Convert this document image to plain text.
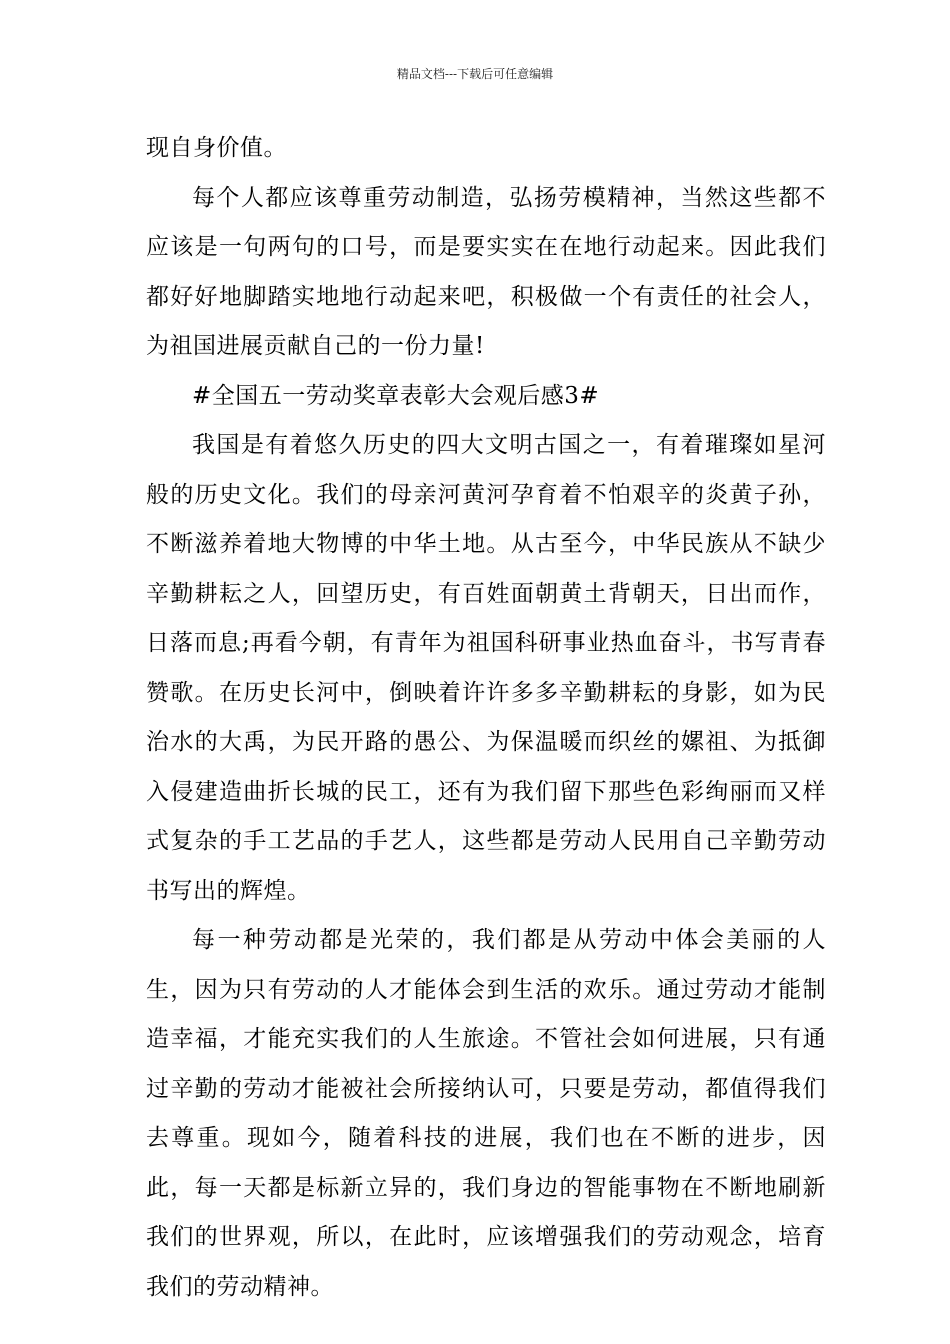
精品文档---下载后可任意编辑

现自身价值。

每个人都应该尊重劳动制造，弘扬劳模精神，当然这些都不应该是一句两句的口号，而是要实实在在地行动起来。因此我们都好好地脚踏实地地行动起来吧，积极做一个有责任的社会人，为祖国进展贡献自己的一份力量!

#全国五一劳动奖章表彰大会观后感3#

我国是有着悠久历史的四大文明古国之一，有着璀璨如星河般的历史文化。我们的母亲河黄河孕育着不怕艰辛的炎黄子孙，不断滋养着地大物博的中华土地。从古至今，中华民族从不缺少辛勤耕耘之人，回望历史，有百姓面朝黄土背朝天，日出而作，日落而息;再看今朝，有青年为祖国科研事业热血奋斗，书写青春赞歌。在历史长河中，倒映着许许多多辛勤耕耘的身影，如为民治水的大禹，为民开路的愚公、为保温暖而织丝的嫘祖、为抵御入侵建造曲折长城的民工，还有为我们留下那些色彩绚丽而又样式复杂的手工艺品的手艺人，这些都是劳动人民用自己辛勤劳动书写出的辉煌。

每一种劳动都是光荣的，我们都是从劳动中体会美丽的人生，因为只有劳动的人才能体会到生活的欢乐。通过劳动才能制造幸福，才能充实我们的人生旅途。不管社会如何进展，只有通过辛勤的劳动才能被社会所接纳认可，只要是劳动，都值得我们去尊重。现如今，随着科技的进展，我们也在不断的进步，因此，每一天都是标新立异的，我们身边的智能事物在不断地刷新我们的世界观，所以，在此时，应该增强我们的劳动观念，培育我们的劳动精神。
